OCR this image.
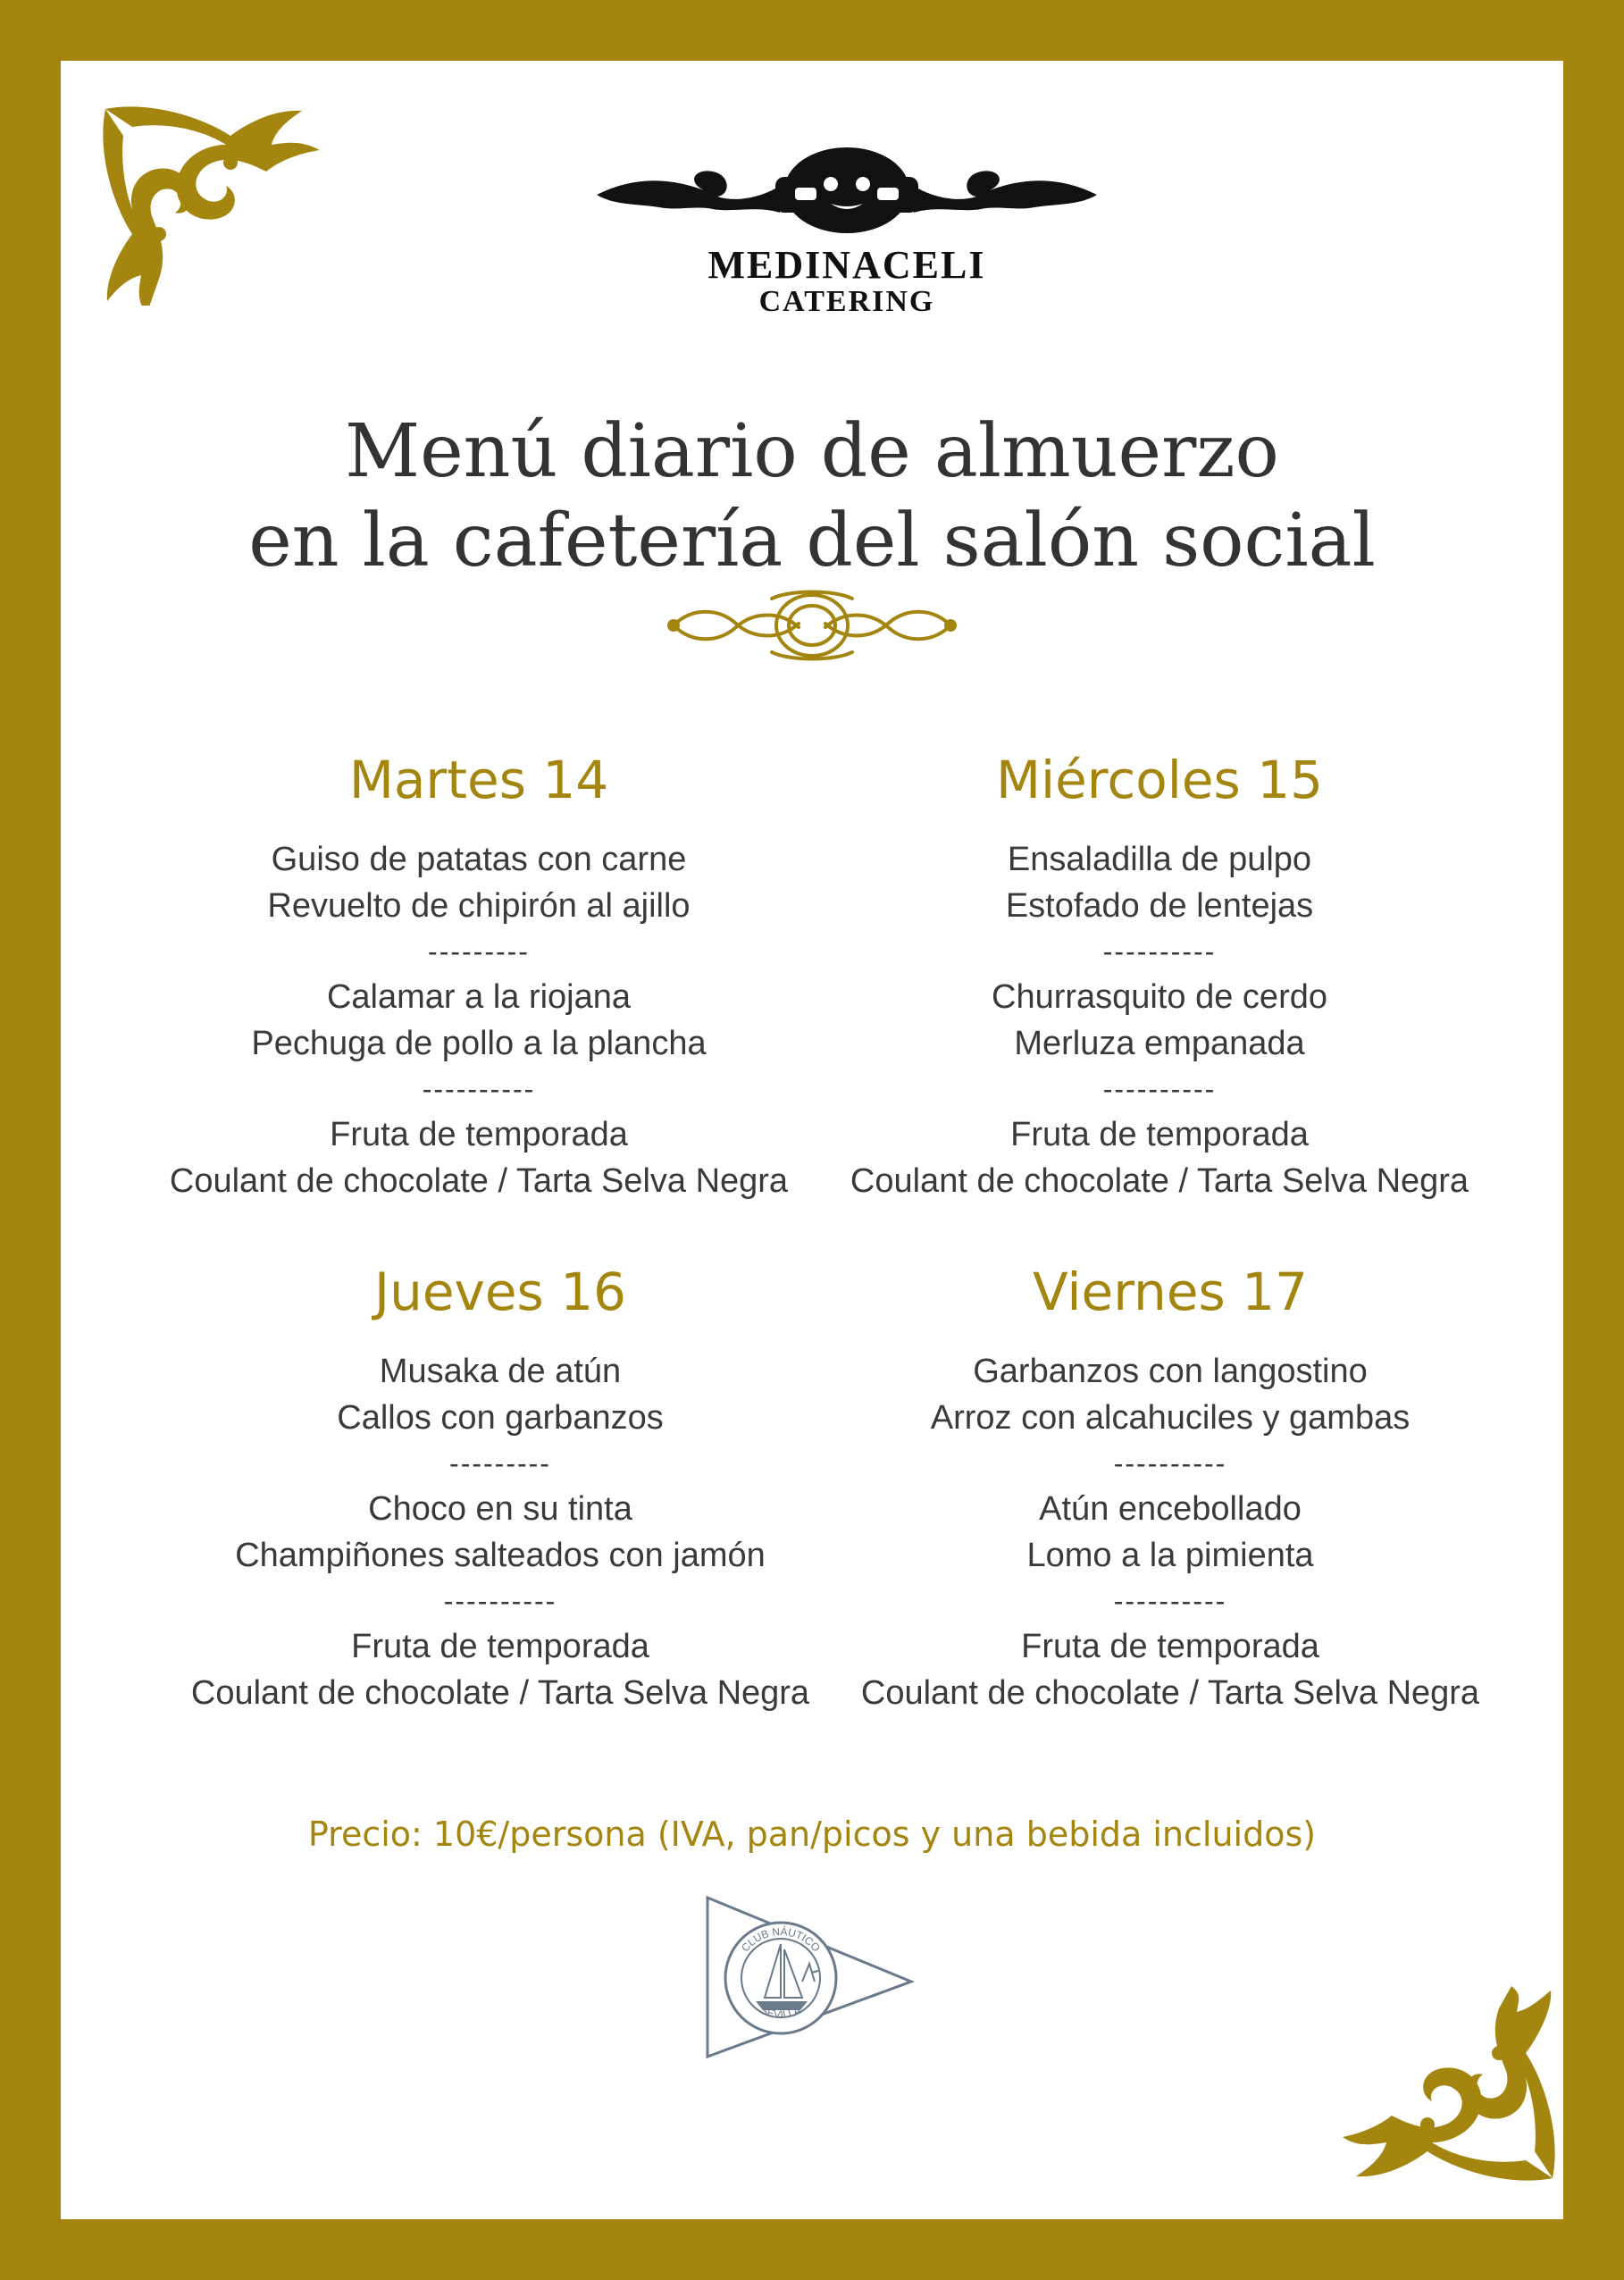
MEDINACELI
CATERING
Menú diario de almuerzo
en la cafetería del salón social
Martes 14
Guiso de patatas con carne
Revuelto de chipirón al ajillo
---------
Calamar a la riojana
Pechuga de pollo a la plancha
----------
Fruta de temporada
Coulant de chocolate / Tarta Selva Negra
Miércoles 15
Ensaladilla de pulpo
Estofado de lentejas
----------
Churrasquito de cerdo
Merluza empanada
----------
Fruta de temporada
Coulant de chocolate / Tarta Selva Negra
Jueves 16
Musaka de atún
Callos con garbanzos
---------
Choco en su tinta
Champiñones salteados con jamón
----------
Fruta de temporada
Coulant de chocolate / Tarta Selva Negra
Viernes 17
Garbanzos con langostino
Arroz con alcahuciles y gambas
----------
Atún encebollado
Lomo a la pimienta
----------
Fruta de temporada
Coulant de chocolate / Tarta Selva Negra
Precio: 10€/persona (IVA, pan/picos y una bebida incluidos)
CLUB NÁUTICO
SEVILLA
